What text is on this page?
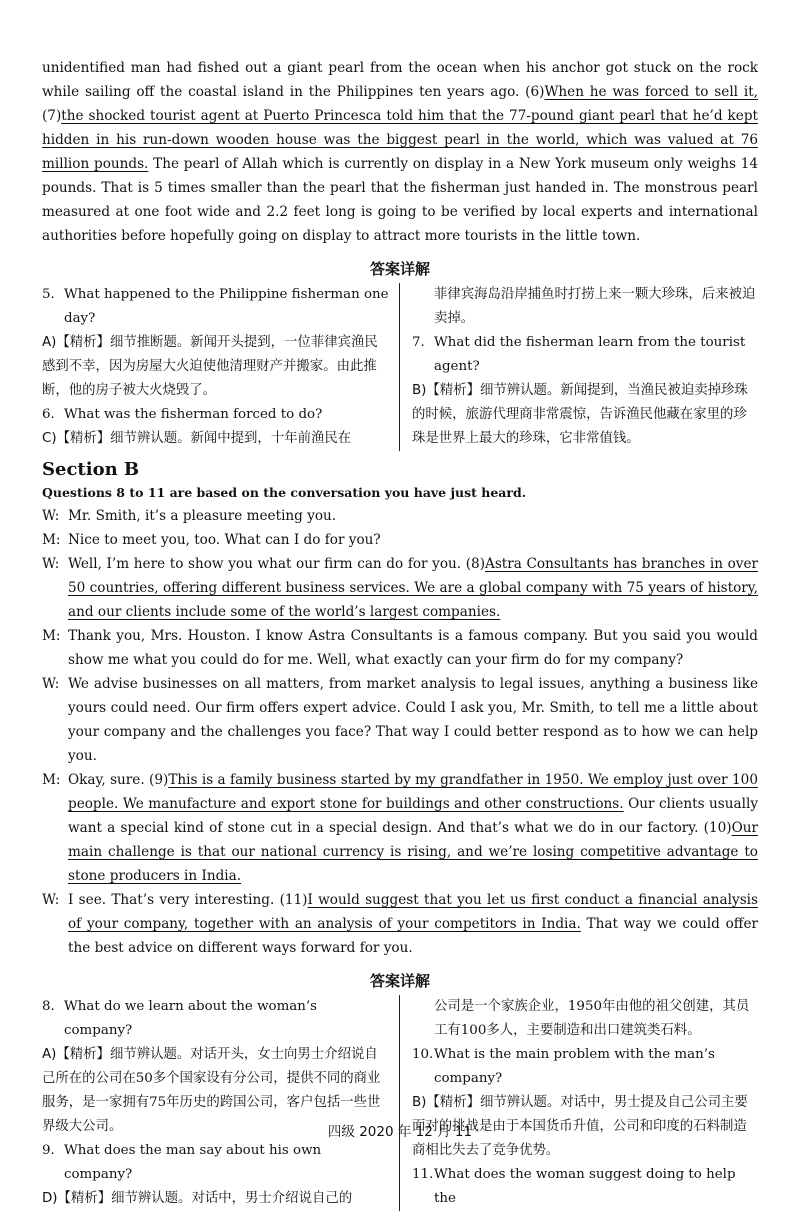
unidentified man had fished out a giant pearl from the ocean when his anchor got stuck on the rock while sailing off the coastal island in the Philippines ten years ago. (6)When he was forced to sell it, (7)the shocked tourist agent at Puerto Princesca told him that the 77-pound giant pearl that he’d kept hidden in his run-down wooden house was the biggest pearl in the world, which was valued at 76 million pounds. The pearl of Allah which is currently on display in a New York museum only weighs 14 pounds. That is 5 times smaller than the pearl that the fisherman just handed in. The monstrous pearl measured at one foot wide and 2.2 feet long is going to be verified by local experts and international authorities before hopefully going on display to attract more tourists in the little town.

答案详解
5. What happened to the Philippine fisherman one day?
A)【精析】细节推断题。新闻开头提到，一位菲律宾渔民感到不幸，因为房屋大火迫使他清理财产并搬家。由此推断，他的房子被大火烧毁了。
6. What was the fisherman forced to do?
C)【精析】细节辨认题。新闻中提到，十年前渔民在
菲律宾海岛沿岸捕鱼时打捞上来一颗大珍珠，后来被迫卖掉。
7. What did the fisherman learn from the tourist agent?
B)【精析】细节辨认题。新闻提到，当渔民被迫卖掉珍珠的时候，旅游代理商非常震惊，告诉渔民他藏在家里的珍珠是世界上最大的珍珠，它非常值钱。
Section B

Questions 8 to 11 are based on the conversation you have just heard.

W: Mr. Smith, it’s a pleasure meeting you.
M: Nice to meet you, too. What can I do for you?
W: Well, I’m here to show you what our firm can do for you. (8)Astra Consultants has branches in over 50 countries, offering different business services. We are a global company with 75 years of history, and our clients include some of the world’s largest companies.
M: Thank you, Mrs. Houston. I know Astra Consultants is a famous company. But you said you would show me what you could do for me. Well, what exactly can your firm do for my company?
W: We advise businesses on all matters, from market analysis to legal issues, anything a business like yours could need. Our firm offers expert advice. Could I ask you, Mr. Smith, to tell me a little about your company and the challenges you face? That way I could better respond as to how we can help you.
M: Okay, sure. (9)This is a family business started by my grandfather in 1950. We employ just over 100 people. We manufacture and export stone for buildings and other constructions. Our clients usually want a special kind of stone cut in a special design. And that’s what we do in our factory. (10)Our main challenge is that our national currency is rising, and we’re losing competitive advantage to stone producers in India.
W: I see. That’s very interesting. (11)I would suggest that you let us first conduct a financial analysis of your company, together with an analysis of your competitors in India. That way we could offer the best advice on different ways forward for you.
答案详解
8. What do we learn about the woman’s company?
A)【精析】细节辨认题。对话开头，女士向男士介绍说自己所在的公司在50多个国家设有分公司，提供不同的商业服务，是一家拥有75年历史的跨国公司，客户包括一些世界级大公司。
9. What does the man say about his own company?
D)【精析】细节辨认题。对话中，男士介绍说自己的
公司是一个家族企业，1950年由他的祖父创建，其员工有100多人，主要制造和出口建筑类石料。
10. What is the main problem with the man’s company?
B)【精析】细节辨认题。对话中，男士提及自己公司主要面对的挑战是由于本国货币升值，公司和印度的石料制造商相比失去了竞争优势。
11. What does the woman suggest doing to help the
四级 2020 年 12 月 11
